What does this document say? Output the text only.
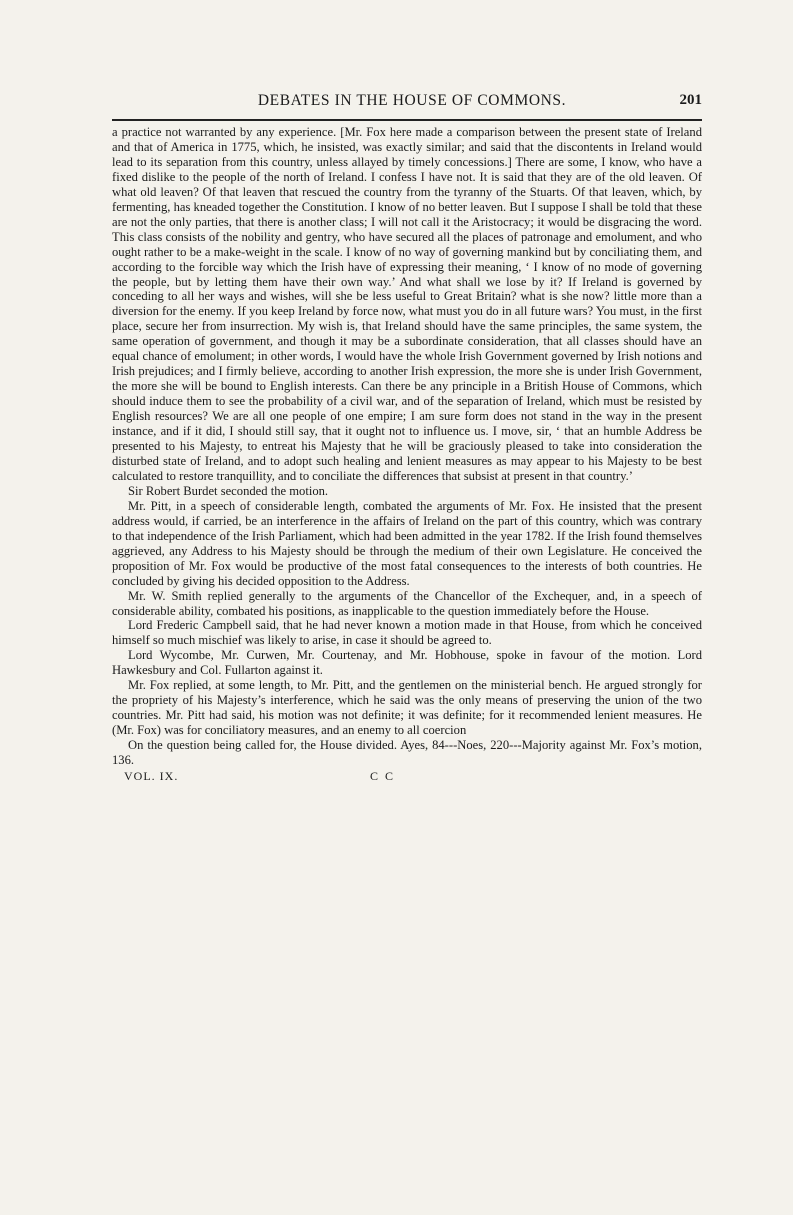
DEBATES IN THE HOUSE OF COMMONS.	201

a practice not warranted by any experience. [Mr. Fox here made a comparison between the present state of Ireland and that of America in 1775, which, he insisted, was exactly similar; and said that the discontents in Ireland would lead to its separation from this country, unless allayed by timely concessions.] There are some, I know, who have a fixed dislike to the people of the north of Ireland. I confess I have not. It is said that they are of the old leaven. Of what old leaven? Of that leaven that rescued the country from the tyranny of the Stuarts. Of that leaven, which, by fermenting, has kneaded together the Constitution. I know of no better leaven. But I suppose I shall be told that these are not the only parties, that there is another class; I will not call it the Aristocracy; it would be disgracing the word. This class consists of the nobility and gentry, who have secured all the places of patronage and emolument, and who ought rather to be a make-weight in the scale. I know of no way of governing mankind but by conciliating them, and according to the forcible way which the Irish have of expressing their meaning, ‘ I know of no mode of governing the people, but by letting them have their own way.’ And what shall we lose by it? If Ireland is governed by conceding to all her ways and wishes, will she be less useful to Great Britain? what is she now? little more than a diversion for the enemy. If you keep Ireland by force now, what must you do in all future wars? You must, in the first place, secure her from insurrection. My wish is, that Ireland should have the same principles, the same system, the same operation of government, and though it may be a subordinate consideration, that all classes should have an equal chance of emolument; in other words, I would have the whole Irish Government governed by Irish notions and Irish prejudices; and I firmly believe, according to another Irish expression, the more she is under Irish Government, the more she will be bound to English interests. Can there be any principle in a British House of Commons, which should induce them to see the probability of a civil war, and of the separation of Ireland, which must be resisted by English resources? We are all one people of one empire; I am sure form does not stand in the way in the present instance, and if it did, I should still say, that it ought not to influence us. I move, sir, ‘ that an humble Address be presented to his Majesty, to entreat his Majesty that he will be graciously pleased to take into consideration the disturbed state of Ireland, and to adopt such healing and lenient measures as may appear to his Majesty to be best calculated to restore tranquillity, and to conciliate the differences that subsist at present in that country.’

Sir Robert Burdet seconded the motion.

Mr. Pitt, in a speech of considerable length, combated the arguments of Mr. Fox. He insisted that the present address would, if carried, be an interference in the affairs of Ireland on the part of this country, which was contrary to that independence of the Irish Parliament, which had been admitted in the year 1782. If the Irish found themselves aggrieved, any Address to his Majesty should be through the medium of their own Legislature. He conceived the proposition of Mr. Fox would be productive of the most fatal consequences to the interests of both countries. He concluded by giving his decided opposition to the Address.

Mr. W. Smith replied generally to the arguments of the Chancellor of the Exchequer, and, in a speech of considerable ability, combated his positions, as inapplicable to the question immediately before the House.

Lord Frederic Campbell said, that he had never known a motion made in that House, from which he conceived himself so much mischief was likely to arise, in case it should be agreed to.

Lord Wycombe, Mr. Curwen, Mr. Courtenay, and Mr. Hobhouse, spoke in favour of the motion. Lord Hawkesbury and Col. Fullarton against it.

Mr. Fox replied, at some length, to Mr. Pitt, and the gentlemen on the ministerial bench. He argued strongly for the propriety of his Majesty’s interference, which he said was the only means of preserving the union of the two countries. Mr. Pitt had said, his motion was not definite; it was definite; for it recommended lenient measures. He (Mr. Fox) was for conciliatory measures, and an enemy to all coercion

On the question being called for, the House divided. Ayes, 84---Noes, 220---Majority against Mr. Fox’s motion, 136.

VOL. IX.	C C
